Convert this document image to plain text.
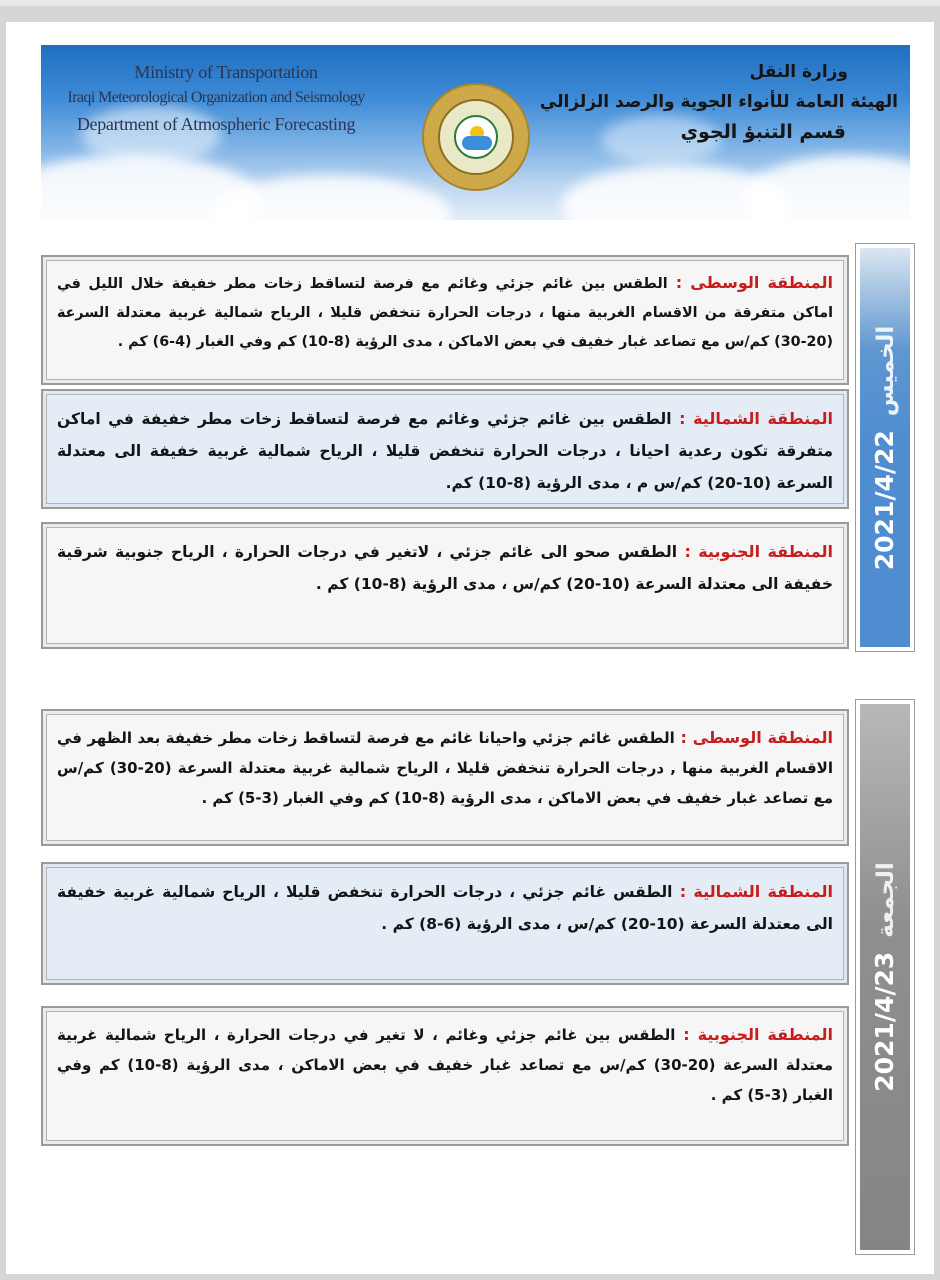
Ministry of Transportation
Iraqi Meteorological Organization and Seismology
Department of Atmospheric Forecasting
وزارة النقل
الهيئة العامة للأنواء الجوية والرصد الزلزالي
قسم التنبؤ الجوي
المنطقة الوسطى : الطقس بين غائم جزئي وغائم مع فرصة لتساقط زخات مطر خفيفة خلال الليل في اماكن متفرقة من الاقسام الغربية منها ، درجات الحرارة تنخفض قليلا ، الرياح شمالية غربية معتدلة السرعة (20-30) كم/س مع تصاعد غبار خفيف في بعض الاماكن ، مدى الرؤية (8-10) كم وفي الغبار (4-6) كم .
المنطقة الشمالية : الطقس بين غائم جزئي وغائم مع فرصة لتساقط زخات مطر خفيفة في اماكن متفرقة تكون رعدية احيانا ، درجات الحرارة تنخفض قليلا ، الرياح شمالية غربية خفيفة الى معتدلة السرعة (10-20) كم/س م ، مدى الرؤية (8-10) كم.
المنطقة الجنوبية : الطقس صحو الى غائم جزئي ، لاتغير في درجات الحرارة ، الرياح جنوبية شرقية خفيفة الى معتدلة السرعة (10-20) كم/س ، مدى الرؤية (8-10) كم .
2021/4/22الخميس
المنطقة الوسطى : الطقس غائم جزئي واحيانا غائم مع فرصة لتساقط زخات مطر خفيفة بعد الظهر في الاقسام الغربية منها , درجات الحرارة تنخفض قليلا ، الرياح شمالية غربية معتدلة السرعة (20-30) كم/س مع تصاعد غبار خفيف في بعض الاماكن ، مدى الرؤية (8-10) كم وفي الغبار (3-5) كم .
المنطقة الشمالية : الطقس غائم جزئي ، درجات الحرارة تنخفض قليلا ، الرياح شمالية غربية خفيفة الى معتدلة السرعة (10-20) كم/س ، مدى الرؤية (6-8) كم .
المنطقة الجنوبية : الطقس بين غائم جزئي وغائم ، لا تغير في درجات الحرارة ، الرياح شمالية غربية معتدلة السرعة (20-30) كم/س مع تصاعد غبار خفيف في بعض الاماكن ، مدى الرؤية (8-10) كم وفي الغبار (3-5) كم .
2021/4/23الجمعة
